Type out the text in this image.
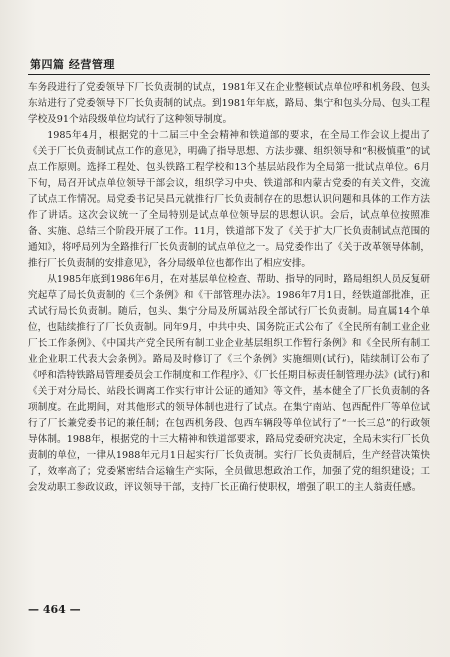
第四篇 经营管理

车务段进行了党委领导下厂长负责制的试点，1981年又在企业整顿试点单位呼和机务段、包头东站进行了党委领导下厂长负责制的试点。到1981年年底，路局、集宁和包头分局、包头工程学校及91个站段级单位均试行了这种领导制度。

1985年4月，根据党的十二届三中全会精神和铁道部的要求，在全局工作会议上提出了《关于厂长负责制试点工作的意见》，明确了指导思想、方法步骤、组织领导和“积极慎重”的试点工作原则。选择工程处、包头铁路工程学校和13个基层站段作为全局第一批试点单位。6月下旬，局召开试点单位领导干部会议，组织学习中央、铁道部和内蒙古党委的有关文件，交流了试点工作情况。局党委书记吴昌元就推行厂长负责制存在的思想认识问题和具体的工作方法作了讲话。这次会议统一了全局特别是试点单位领导层的思想认识。会后，试点单位按照准备、实施、总结三个阶段开展了工作。11月，铁道部下发了《关于扩大厂长负责制试点范围的通知》，将呼局列为全路推行厂长负责制的试点单位之一。局党委作出了《关于改革领导体制，推行厂长负责制的安排意见》，各分局级单位也都作出了相应安排。

从1985年底到1986年6月，在对基层单位检查、帮助、指导的同时，路局组织人员反复研究起草了局长负责制的《三个条例》和《干部管理办法》。1986年7月1日，经铁道部批准，正式试行局长负责制。随后，包头、集宁分局及所属站段全部试行厂长负责制。局直属14个单位，也陆续推行了厂长负责制。同年9月，中共中央、国务院正式公布了《全民所有制工业企业厂长工作条例》、《中国共产党全民所有制工业企业基层组织工作暂行条例》和《全民所有制工业企业职工代表大会条例》。路局及时修订了《三个条例》实施细则(试行)，陆续制订公布了《呼和浩特铁路局管理委员会工作制度和工作程序》、《厂长任期目标责任制管理办法》(试行)和《关于对分局长、站段长调离工作实行审计公证的通知》等文件，基本健全了厂长负责制的各项制度。在此期间，对其他形式的领导体制也进行了试点。在集宁南站、包西配件厂等单位试行了厂长兼党委书记的兼任制；在包西机务段、包西车辆段等单位试行了“一长三总”的行政领导体制。1988年，根据党的十三大精神和铁道部要求，路局党委研究决定，全局未实行厂长负责制的单位，一律从1988年元月1日起实行厂长负责制。实行厂长负责制后，生产经营决策快了，效率高了；党委紧密结合运输生产实际，全员做思想政治工作，加强了党的组织建设；工会发动职工参政议政，评议领导干部，支持厂长正确行使职权，增强了职工的主人翁责任感。

— 464 —
